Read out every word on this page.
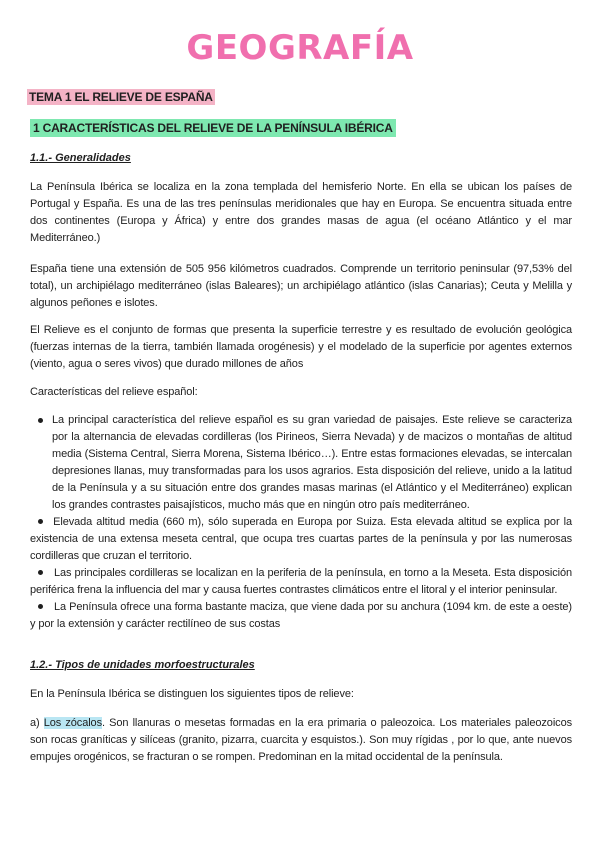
GEOGRAFÍA

TEMA 1 EL RELIEVE DE ESPAÑA

1 CARACTERÍSTICAS DEL RELIEVE DE LA PENÍNSULA IBÉRICA

1.1.- Generalidades

La Península Ibérica se localiza en la zona templada del hemisferio Norte. En ella se ubican los países de Portugal y España. Es una de las tres penínsulas meridionales que hay en Europa. Se encuentra situada entre dos continentes (Europa y África) y entre dos grandes masas de agua (el océano Atlántico y el mar Mediterráneo.)

España tiene una extensión de 505 956 kilómetros cuadrados. Comprende un territorio peninsular (97,53% del total), un archipiélago mediterráneo (islas Baleares); un archipiélago atlántico (islas Canarias); Ceuta y Melilla y algunos peñones e islotes.

El Relieve es el conjunto de formas que presenta la superficie terrestre y es resultado de evolución geológica (fuerzas internas de la tierra, también llamada orogénesis) y el modelado de la superficie por agentes externos (viento, agua o seres vivos) que durado millones de años

Características del relieve español:

La principal característica del relieve español es su gran variedad de paisajes. Este relieve se caracteriza por la alternancia de elevadas cordilleras (los Pirineos, Sierra Nevada) y de macizos o montañas de altitud media (Sistema Central, Sierra Morena, Sistema Ibérico…). Entre estas formaciones elevadas, se intercalan depresiones llanas, muy transformadas para los usos agrarios. Esta disposición del relieve, unido a la latitud de la Península y a su situación entre dos grandes masas marinas (el Atlántico y el Mediterráneo) explican los grandes contrastes paisajísticos, mucho más que en ningún otro país mediterráneo.
Elevada altitud media (660 m), sólo superada en Europa por Suiza. Esta elevada altitud se explica por la existencia de una extensa meseta central, que ocupa tres cuartas partes de la península y por las numerosas cordilleras que cruzan el territorio.
Las principales cordilleras se localizan en la periferia de la península, en torno a la Meseta. Esta disposición periférica frena la influencia del mar y causa fuertes contrastes climáticos entre el litoral y el interior peninsular.
La Península ofrece una forma bastante maciza, que viene dada por su anchura (1094 km. de este a oeste) y por la extensión y carácter rectilíneo de sus costas

1.2.- Tipos de unidades morfoestructurales

En la Península Ibérica se distinguen los siguientes tipos de relieve:

a) Los zócalos. Son llanuras o mesetas formadas en la era primaria o paleozoica. Los materiales paleozoicos son rocas graníticas y silíceas (granito, pizarra, cuarcita y esquistos.). Son muy rígidas , por lo que, ante nuevos empujes orogénicos, se fracturan o se rompen. Predominan en la mitad occidental de la península.
